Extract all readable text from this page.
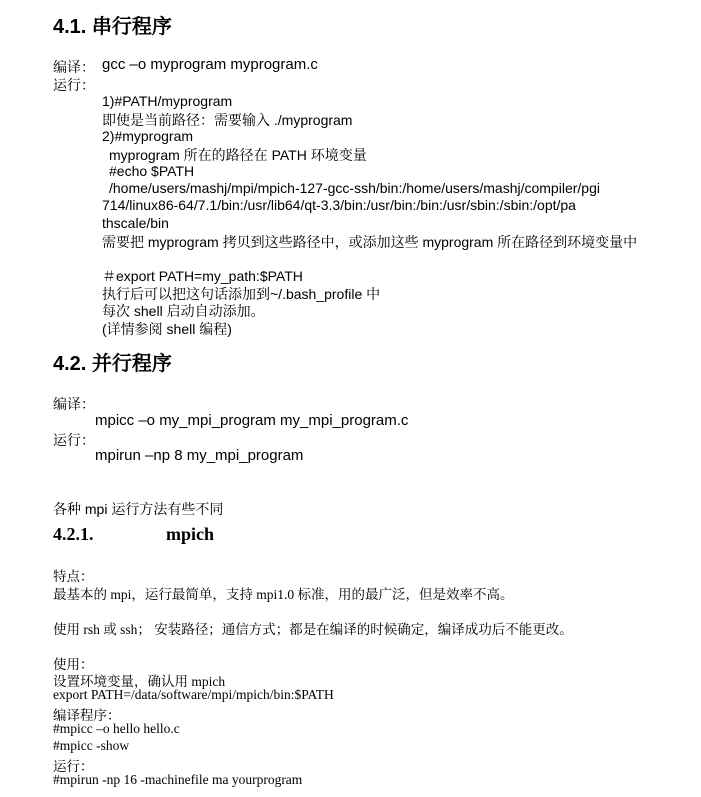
4.1. 串行程序
编译： gcc –o myprogram myprogram.c
运行：
1)#PATH/myprogram
即使是当前路径：需要输入 ./myprogram
2)#myprogram
myprogram 所在的路径在 PATH 环境变量
#echo $PATH
/home/users/mashj/mpi/mpich-127-gcc-ssh/bin:/home/users/mashj/compiler/pgi
714/linux86-64/7.1/bin:/usr/lib64/qt-3.3/bin:/usr/bin:/bin:/usr/sbin:/sbin:/opt/pa
thscale/bin
需要把 myprogram 拷贝到这些路径中，或添加这些 myprogram 所在路径到环境变量中
＃export PATH=my_path:$PATH
执行后可以把这句话添加到~/.bash_profile 中
每次 shell 启动自动添加。
(详情参阅 shell 编程)
4.2. 并行程序
编译：
mpicc –o my_mpi_program my_mpi_program.c
运行：
mpirun –np 8 my_mpi_program
各种 mpi 运行方法有些不同
4.2.1.	mpich
特点：
最基本的 mpi，运行最简单，支持 mpi1.0 标准，用的最广泛，但是效率不高。
使用 rsh 或 ssh； 安装路径；通信方式；都是在编译的时候确定，编译成功后不能更改。
使用：
设置环境变量，确认用 mpich
export PATH=/data/software/mpi/mpich/bin:$PATH
编译程序：
#mpicc –o hello hello.c
#mpicc -show
运行：
#mpirun -np 16 -machinefile ma yourprogram
